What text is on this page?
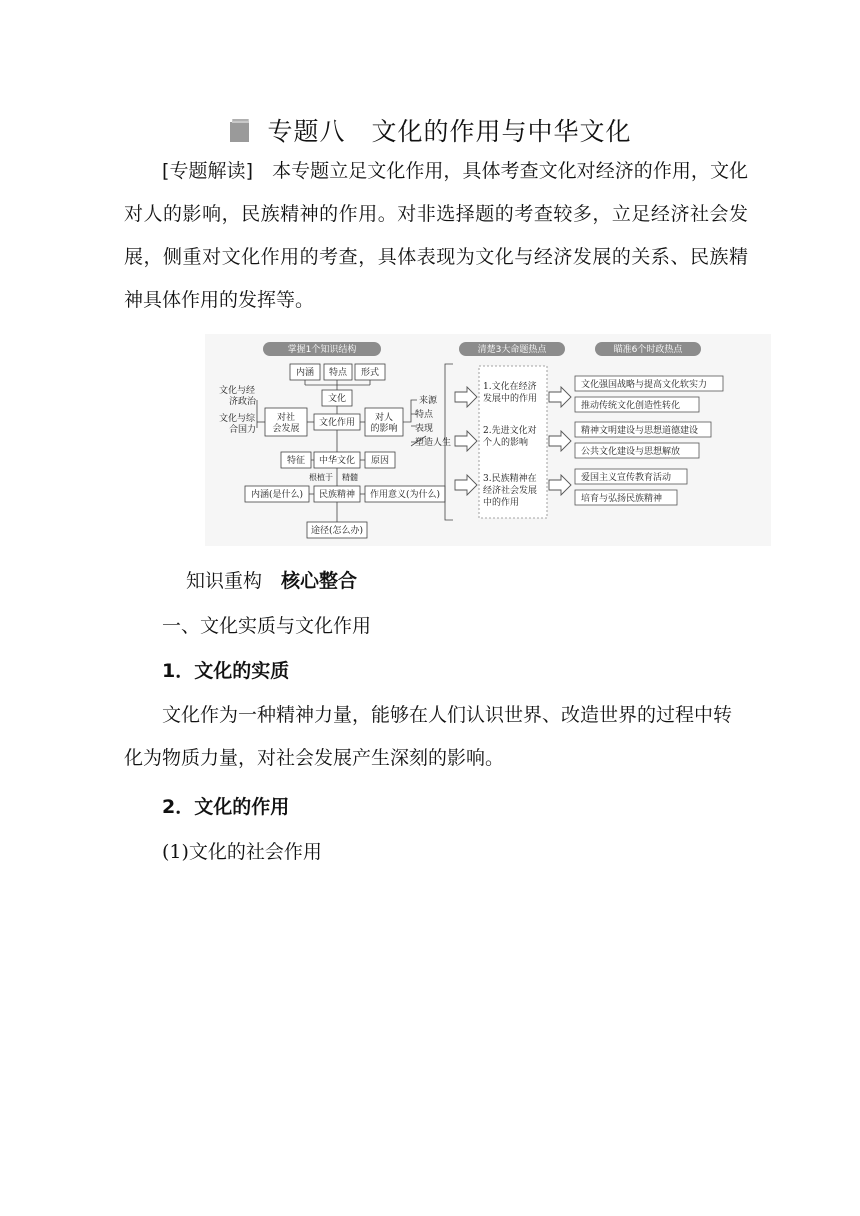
专题八　文化的作用与中华文化
[专题解读]　 本专题立足文化作用，具体考查文化对经济的作用，文化对人的影响，民族精神的作用。对非选择题的考查较多，立足经济社会发展，侧重对文化作用的考查，具体表现为文化与经济发展的关系、民族精神具体作用的发挥等。
掌握1个知识结构	清楚3大命题热点	瞄准6个时政热点
内涵 特点 形式
文化
文化作用
对社
会发展
对人
的影响
文化与经
济政治
文化与综
合国力
来源
特点
表现
塑造人生
特征 中华文化 原因
根植于 精髓
内涵(是什么) 民族精神 作用意义(为什么)
途径(怎么办)
1.文化在经济
发展中的作用
2.先进文化对
个人的影响
3.民族精神在
经济社会发展
中的作用
文化强国战略与提高文化软实力
推动传统文化创造性转化
精神文明建设与思想道德建设
公共文化建设与思想解放
爱国主义宣传教育活动
培育与弘扬民族精神
知识重构　 核心整合
一、文化实质与文化作用
1．文化的实质
文化作为一种精神力量，能够在人们认识世界、改造世界的过程中转化为物质力量，对社会发展产生深刻的影响。
2．文化的作用
(1)文化的社会作用
